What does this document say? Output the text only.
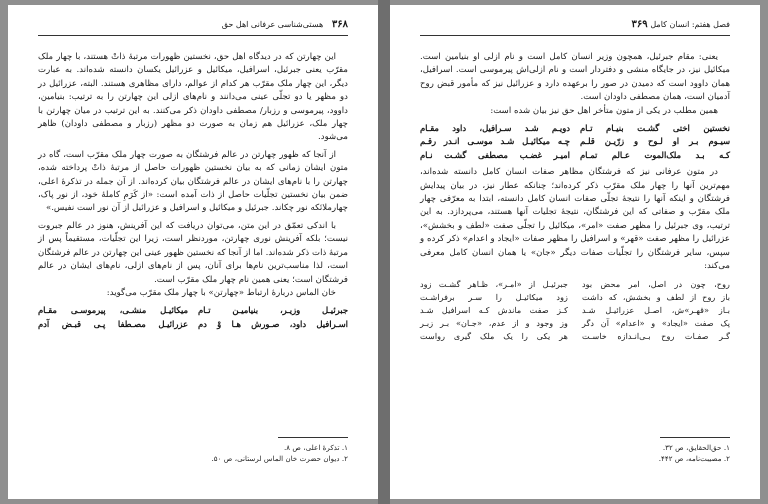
۳۶۸ هستی‌شناسی عرفانی اهل حق

این چهارتن که در دیدگاه اهل حق، نخستین ظهورات مرتبهٔ ذاتْ هستند، با چهار ملک مقرّب یعنی جبرئیل، اسرافیل، میکائیل و عزرائیل یکسان دانسته شده‌اند. به عبارت دیگر، این چهار ملک مقرّب هر کدام از عوالم، دارای مظاهری هستند. البته، عزرائیل در دو مظهر یا دو تجلّی عینی می‌دانند و نام‌های ازلی این چهارتن را به ترتیب: بنیامین، داوود، پیرموسی و رزبار/ مصطفی داودان ذکر می‌کنند. به این ترتیب در میان چهارتن با چهار ملک، عزرائیل هم زمان به صورت دو مظهر (رزبار و مصطفی داودان) ظاهر می‌شود.

از آنجا که ظهور چهارتن در عالم فرشتگان به صورت چهار ملک مقرّب است، گاه در متون ایشان زمانی که به بیان نخستین ظهورات حاصل از مرتبهٔ ذاتْ پرداخته شده، چهارتن را با نام‌های ایشان در عالم فرشتگان بیان کرده‌اند. از آن جمله در تذکرهٔ اعلی، ضمن بیان نخستین تجلّیات حاصل از ذات آمده است: «از کَرَمِ کاملهٔ خود، از نور پاک، چهارملائکه نور چکاند. جبرئیل و میکائیل و اسرافیل و عزرائیل از آن نور است نفیس.»

با اندکی تعمّق در این متن، می‌توان دریافت که این آفرینش، هنوز در عالم جبروت نیست؛ بلکه آفرینش نوری چهارتن، موردنظر است، زیرا این تجلّیات، مستقیماً پس از مرتبهٔ ذات ذکر شده‌اند. اما از آنجا که نخستین ظهور عینی این چهارتن در عالم فرشتگان است، لذا مناسب‌ترین نام‌ها برای آنان، پس از نام‌های ازلی، نام‌های ایشان در عالم فرشتگان است؛ یعنی همین نام چهار ملک مقرّب است.

خان الماس دربارهٔ ارتباط «چهارتن» با چهار ملک مقرّب می‌گوید:

جبرئیـل وزیـر، بنیامیـن تـام
میکائیـل منشـی، پیرموسـی مقـام
اسـرافیل داود، صـورش هـا وْ دم
عزرائیـل مصـطفا پـی قبـض آدم
۱. تذکرهٔ اعلی، ص ۸.
۲. دیوان حضرت خان الماس لرستانی، ص ۵۰.
فصل هفتم: انسان کامل ۳۶۹

یعنی: مقام جبرئیل، همچون وزیر انسان کامل است و نام ازلی او بنیامین است. میکائیل نیز، در جایگاه منشی و دفتردار است و نام ازلی‌اش پیرموسی است. اسرافیل، همان داوود است که دمیدن در صور را برعهده دارد و عزرائیل نیز که مأمور قبض روح آدمیان است، همان مصطفی داودان است.

همین مطلب در یکی از متون متأخر اهل حق نیز بیان شده است:

نخستین اختی گشـت بنیـام تـام
دویـم شـد سـرافیل، داود مقـام
سیـوم بـر او لـوح و زرّیـن قلـم
چـه میکائیـل شـد موسـی انـدر رقـم
کـه بـد ملک‌الموت عـالم تمـام
امیـر غضـب مصطفی گشـت نـام

در متون عرفانی نیز که فرشتگان مظاهر صفات انسان کامل دانسته شده‌اند، مهم‌ترین آنها را چهار ملک مقرّب ذکر کرده‌اند؛ چنانکه عطار نیز، در بیان پیدایش فرشتگان و اینکه آنها را نتیجهٔ تجلّی صفات انسان کامل دانسته، ابتدا به معرّفی چهار ملک مقرّب و صفاتی که این فرشتگان، نتیجهٔ تجلیات آنها هستند، می‌پردازد. به این ترتیب، وی جبرئیل را مظهر صفت «امر»، میکائیل را تجلّی صفت «لطف و بخشش»، عزرائیل را مظهر صفت «قهر» و اسرافیل را مظهر صفات «ایجاد و اعدام» ذکر کرده و سپس، سایر فرشتگان را تجلّیات صفات دیگر «جان» یا همان انسان کامل معرفی می‌کند:

روح، چون در اصل، امر محض بود
باز روح از لطف و بخشش، که داشت
بـاز «قهـر»ش، اصـل عزرائیـل شـد
پک صفت «ایجاد» و «اعدام» آن دگر
گـر صفـات روح بـی‌انـدازه خاسـت
جبرئیـل از «امـر»، ظـاهر گشـت زود
زود میکائیـل را سـر برفراشـت
کـز صفت ماندش کـه اسرافیل شـد
وز وجود و از عدم، «جـان» بـر زبـر
هر یکی را یک ملک گیری رواست
۱. حق‌الحقایق، ص ۳۲.
۲. مصیبت‌نامه، ص ۴۴۲.
